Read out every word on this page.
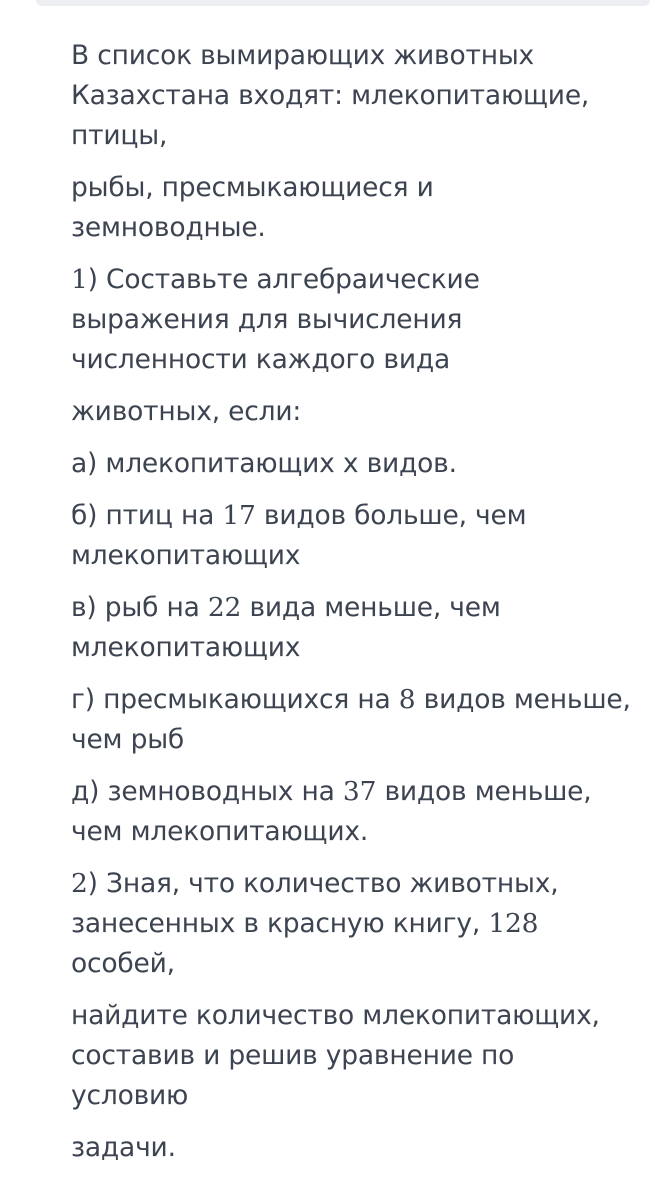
В список вымирающих животных
Казахстана входят: млекопитающие,
птицы,

рыбы, пресмыкающиеся и
земноводные.

1) Составьте алгебраические
выражения для вычисления
численности каждого вида

животных, если:

а) млекопитающих x видов.

б) птиц на 17 видов больше, чем
млекопитающих

в) рыб на 22 вида меньше, чем
млекопитающих

г) пресмыкающихся на 8 видов меньше,
чем рыб

д) земноводных на 37 видов меньше,
чем млекопитающих.

2) Зная, что количество животных,
занесенных в красную книгу, 128
особей,

найдите количество млекопитающих,
составив и решив уравнение по
условию

задачи.
